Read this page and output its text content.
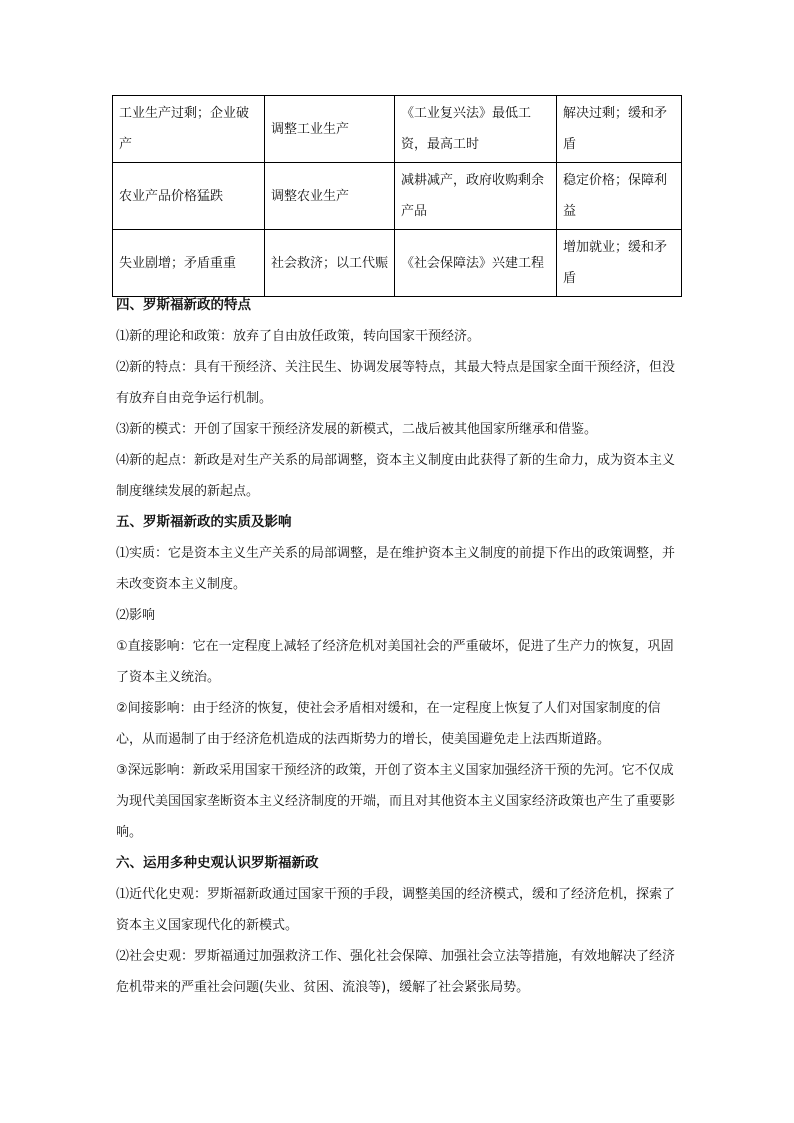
工业生产过剩；企业破产	调整工业生产	《工业复兴法》最低工资，最高工时	解决过剩；缓和矛盾
农业产品价格猛跌	调整农业生产	减耕减产，政府收购剩余产品	稳定价格；保障利益
失业剧增；矛盾重重	社会救济；以工代赈	《社会保障法》兴建工程	增加就业；缓和矛盾

四、罗斯福新政的特点

⑴新的理论和政策：放弃了自由放任政策，转向国家干预经济。

⑵新的特点：具有干预经济、关注民生、协调发展等特点，其最大特点是国家全面干预经济，但没有放弃自由竞争运行机制。

⑶新的模式：开创了国家干预经济发展的新模式，二战后被其他国家所继承和借鉴。

⑷新的起点：新政是对生产关系的局部调整，资本主义制度由此获得了新的生命力，成为资本主义制度继续发展的新起点。

五、罗斯福新政的实质及影响

⑴实质：它是资本主义生产关系的局部调整，是在维护资本主义制度的前提下作出的政策调整，并未改变资本主义制度。

⑵影响

①直接影响：它在一定程度上减轻了经济危机对美国社会的严重破坏，促进了生产力的恢复，巩固了资本主义统治。

②间接影响：由于经济的恢复，使社会矛盾相对缓和，在一定程度上恢复了人们对国家制度的信心，从而遏制了由于经济危机造成的法西斯势力的增长，使美国避免走上法西斯道路。

③深远影响：新政采用国家干预经济的政策，开创了资本主义国家加强经济干预的先河。它不仅成为现代美国国家垄断资本主义经济制度的开端，而且对其他资本主义国家经济政策也产生了重要影响。

六、运用多种史观认识罗斯福新政

⑴近代化史观：罗斯福新政通过国家干预的手段，调整美国的经济模式，缓和了经济危机，探索了资本主义国家现代化的新模式。

⑵社会史观：罗斯福通过加强救济工作、强化社会保障、加强社会立法等措施，有效地解决了经济危机带来的严重社会问题(失业、贫困、流浪等)，缓解了社会紧张局势。
